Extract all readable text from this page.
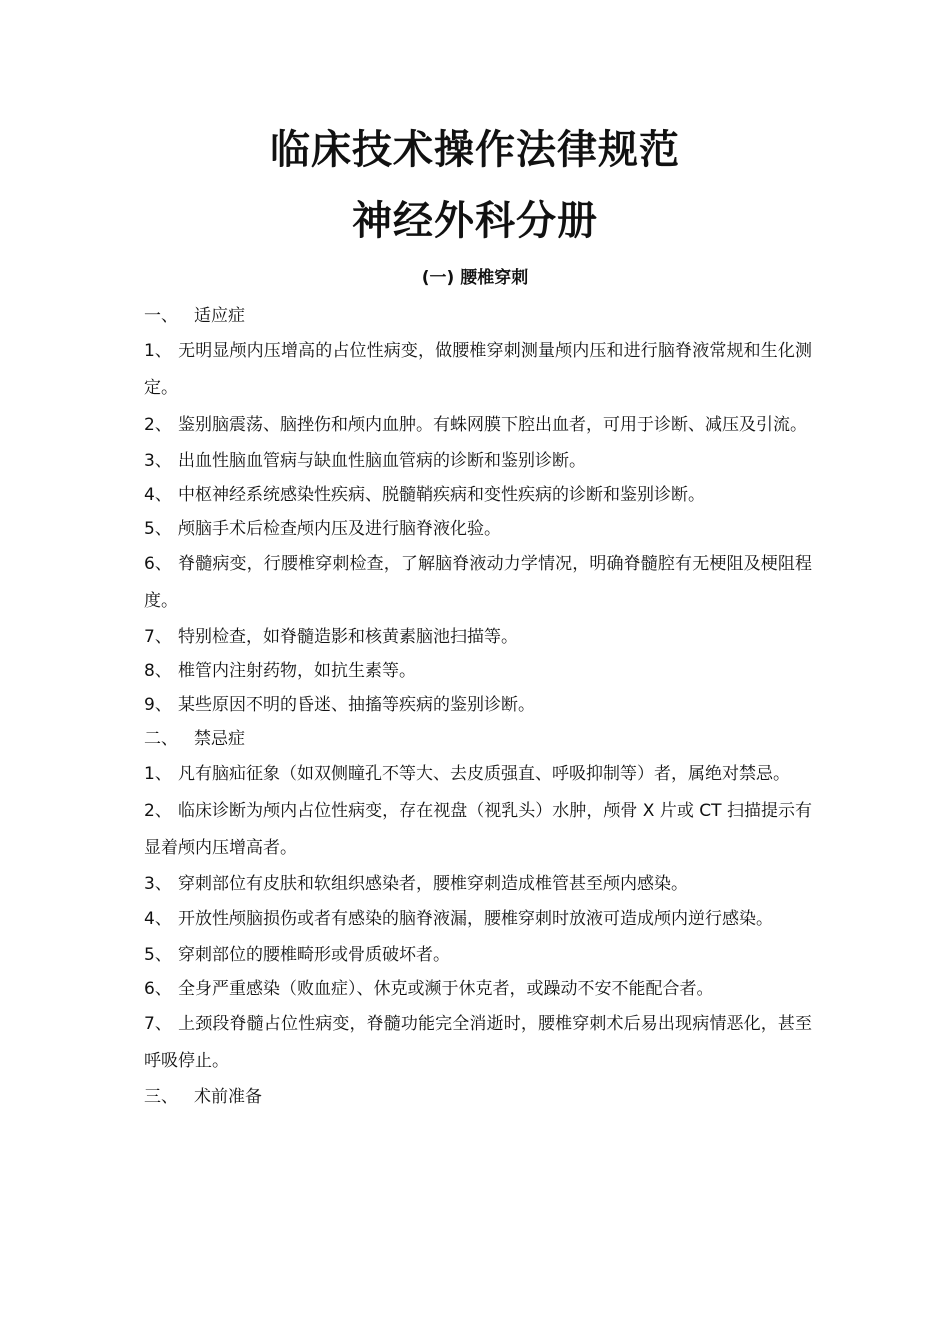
临床技术操作法律规范
神经外科分册
(一) 腰椎穿刺
一、 适应症
1、 无明显颅内压增高的占位性病变，做腰椎穿刺测量颅内压和进行脑脊液常规和生化测定。
2、 鉴别脑震荡、脑挫伤和颅内血肿。有蛛网膜下腔出血者，可用于诊断、减压及引流。
3、 出血性脑血管病与缺血性脑血管病的诊断和鉴别诊断。
4、 中枢神经系统感染性疾病、脱髓鞘疾病和变性疾病的诊断和鉴别诊断。
5、 颅脑手术后检查颅内压及进行脑脊液化验。
6、 脊髓病变，行腰椎穿刺检查，了解脑脊液动力学情况，明确脊髓腔有无梗阻及梗阻程度。
7、 特别检查，如脊髓造影和核黄素脑池扫描等。
8、 椎管内注射药物，如抗生素等。
9、 某些原因不明的昏迷、抽搐等疾病的鉴别诊断。
二、 禁忌症
1、 凡有脑疝征象（如双侧瞳孔不等大、去皮质强直、呼吸抑制等）者，属绝对禁忌。
2、 临床诊断为颅内占位性病变，存在视盘（视乳头）水肿，颅骨 X 片或 CT 扫描提示有显着颅内压增高者。
3、 穿刺部位有皮肤和软组织感染者，腰椎穿刺造成椎管甚至颅内感染。
4、 开放性颅脑损伤或者有感染的脑脊液漏，腰椎穿刺时放液可造成颅内逆行感染。
5、 穿刺部位的腰椎畸形或骨质破坏者。
6、 全身严重感染（败血症）、休克或濒于休克者，或躁动不安不能配合者。
7、 上颈段脊髓占位性病变，脊髓功能完全消逝时，腰椎穿刺术后易出现病情恶化，甚至呼吸停止。
三、 术前准备
